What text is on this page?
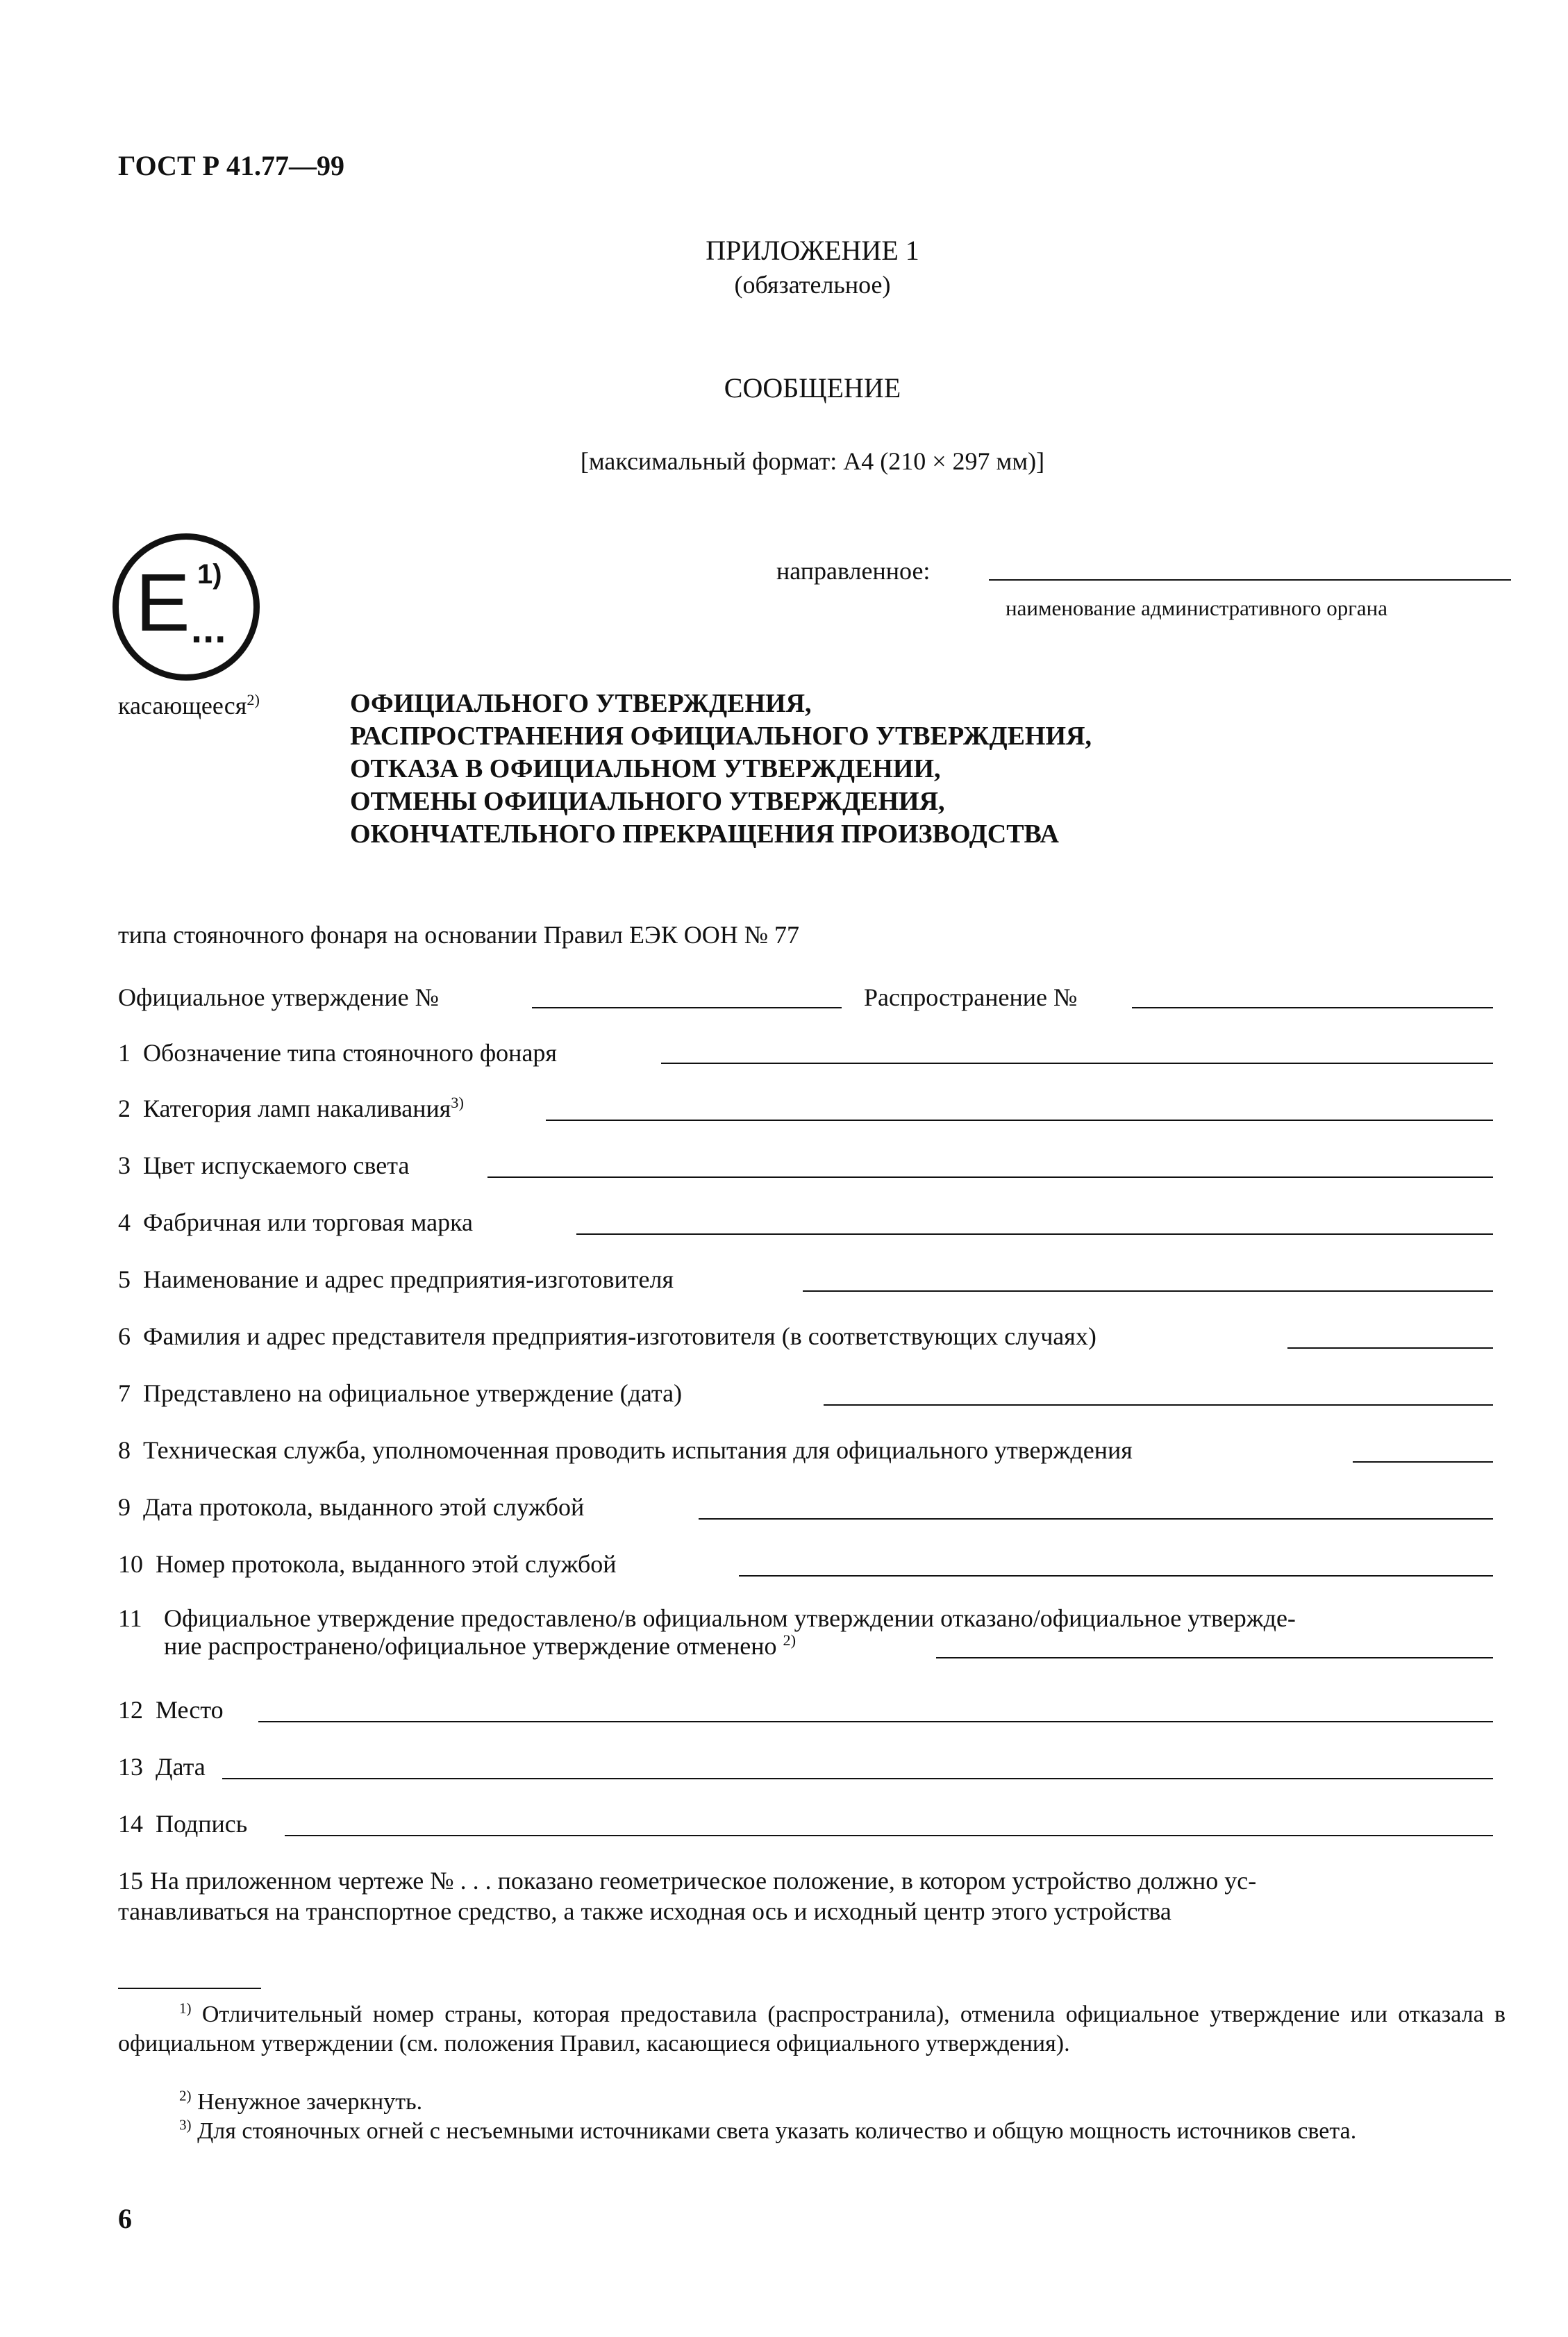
ГОСТ Р 41.77—99
ПРИЛОЖЕНИЕ 1
(обязательное)
СООБЩЕНИЕ
[максимальный формат: А4 (210 × 297 мм)]
E 1)
...
направленное:
наименование административного органа
касающееся$^{2)}$	ОФИЦИАЛЬНОГО УТВЕРЖДЕНИЯ,
РАСПРОСТРАНЕНИЯ ОФИЦИАЛЬНОГО УТВЕРЖДЕНИЯ,
ОТКАЗА В ОФИЦИАЛЬНОМ УТВЕРЖДЕНИИ,
ОТМЕНЫ ОФИЦИАЛЬНОГО УТВЕРЖДЕНИЯ,
ОКОНЧАТЕЛЬНОГО ПРЕКРАЩЕНИЯ ПРОИЗВОДСТВА
типа стояночного фонаря на основании Правил ЕЭК ООН № 77
Официальное утверждение №	Распространение №
1 Обозначение типа стояночного фонаря
2 Категория ламп накаливания$^{3)}$
3 Цвет испускаемого света
4 Фабричная или торговая марка
5 Наименование и адрес предприятия-изготовителя
6 Фамилия и адрес представителя предприятия-изготовителя (в соответствующих случаях)
7 Представлено на официальное утверждение (дата)
8 Техническая служба, уполномоченная проводить испытания для официального утверждения
9 Дата протокола, выданного этой службой
10 Номер протокола, выданного этой службой
11 Официальное утверждение предоставлено/в официальном утверждении отказано/официальное утвержде-
ние распространено/официальное утверждение отменено $^{2)}$
12 Место
13 Дата
14 Подпись
15 На приложенном чертеже № . . . показано геометрическое положение, в котором устройство должно ус-
танавливаться на транспортное средство, а также исходная ось и исходный центр этого устройства
$^{1)}$ Отличительный номер страны, которая предоставила (распространила), отменила официальное утверждение или отказала в официальном утверждении (см. положения Правил, касающиеся официального утверждения).
$^{2)}$ Ненужное зачеркнуть.
$^{3)}$ Для стояночных огней с несъемными источниками света указать количество и общую мощность источников света.
6
